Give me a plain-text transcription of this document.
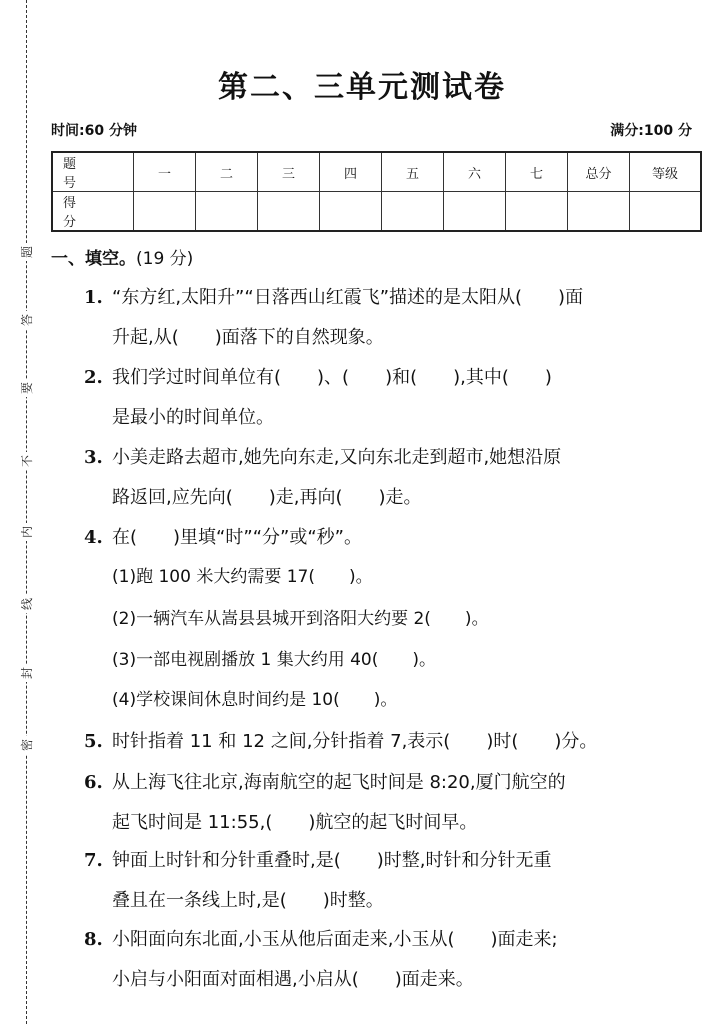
题
答
要
不
内
线
封
密
第二、三单元测试卷
时间:60 分钟	满分:100 分
题 号	一	二	三	四	五	六	七	总分	等级
得 分									
一、填空。(19 分)
1. “东方红,太阳升”“日落西山红霞飞”描述的是太阳从(　　)面
升起,从(　　)面落下的自然现象。
2. 我们学过时间单位有(　　)、(　　)和(　　),其中(　　)
是最小的时间单位。
3. 小美走路去超市,她先向东走,又向东北走到超市,她想沿原
路返回,应先向(　　)走,再向(　　)走。
4. 在(　　)里填“时”“分”或“秒”。
(1)跑 100 米大约需要 17(　　)。
(2)一辆汽车从嵩县县城开到洛阳大约要 2(　　)。
(3)一部电视剧播放 1 集大约用 40(　　)。
(4)学校课间休息时间约是 10(　　)。
5. 时针指着 11 和 12 之间,分针指着 7,表示(　　)时(　　)分。
6. 从上海飞往北京,海南航空的起飞时间是 8:20,厦门航空的
起飞时间是 11:55,(　　)航空的起飞时间早。
7. 钟面上时针和分针重叠时,是(　　)时整,时针和分针无重
叠且在一条线上时,是(　　)时整。
8. 小阳面向东北面,小玉从他后面走来,小玉从(　　)面走来;
小启与小阳面对面相遇,小启从(　　)面走来。
